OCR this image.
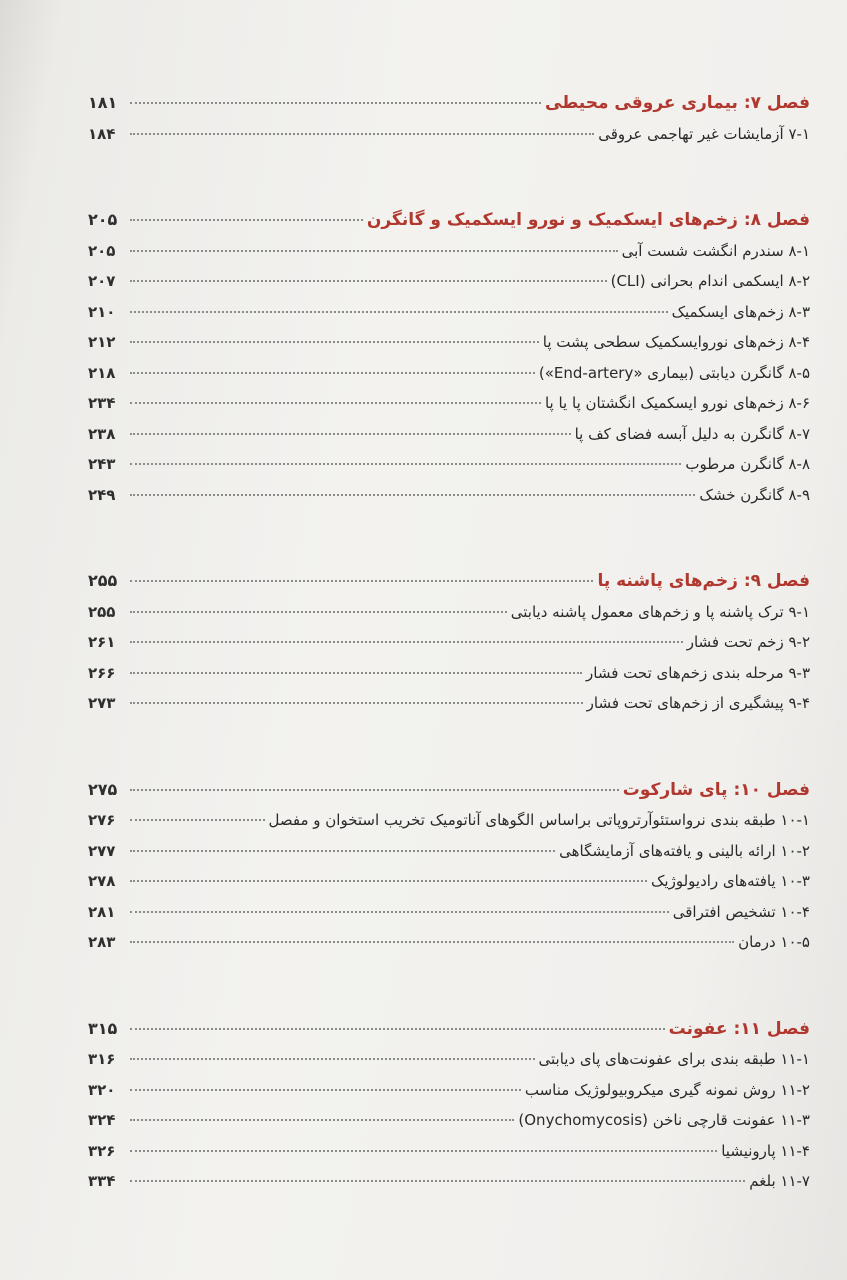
فصل ۷: بیماری عروقی محیطی
۱۸۱
۷-۱ آزمایشات غیر تهاجمی عروقی
۱۸۴
فصل ۸: زخم‌های ایسکمیک و نورو ایسکمیک و گانگرن
۲۰۵
۸-۱ سندرم انگشت شست آبی
۲۰۵
۸-۲ ایسکمی اندام بحرانی (CLI)
۲۰۷
۸-۳ زخم‌های ایسکمیک
۲۱۰
۸-۴ زخم‌های نوروایسکمیک سطحی پشت پا
۲۱۲
۸-۵ گانگرن دیابتی (بیماری «End-artery»)
۲۱۸
۸-۶ زخم‌های نورو ایسکمیک انگشتان پا یا پا
۲۳۴
۸-۷ گانگرن به دلیل آبسه فضای کف پا
۲۳۸
۸-۸ گانگرن مرطوب
۲۴۳
۸-۹ گانگرن خشک
۲۴۹
فصل ۹: زخم‌های پاشنه پا
۲۵۵
۹-۱ ترک پاشنه پا و زخم‌های معمول پاشنه دیابتی
۲۵۵
۹-۲ زخم تحت فشار
۲۶۱
۹-۳ مرحله بندی زخم‌های تحت فشار
۲۶۶
۹-۴ پیشگیری از زخم‌های تحت فشار
۲۷۳
فصل ۱۰: پای شارکوت
۲۷۵
۱۰-۱ طبقه بندی نرواستئوآرتروپاتی براساس الگوهای آناتومیک تخریب استخوان و مفصل
۲۷۶
۱۰-۲ ارائه بالینی و یافته‌های آزمایشگاهی
۲۷۷
۱۰-۳ یافته‌های رادیولوژیک
۲۷۸
۱۰-۴ تشخیص افتراقی
۲۸۱
۱۰-۵ درمان
۲۸۳
فصل ۱۱: عفونت
۳۱۵
۱۱-۱ طبقه بندی برای عفونت‌های پای دیابتی
۳۱۶
۱۱-۲ روش نمونه گیری میکروبیولوژیک مناسب
۳۲۰
۱۱-۳ عفونت قارچی ناخن (Onychomycosis)
۳۲۴
۱۱-۴ پارونیشیا
۳۲۶
۱۱-۷ بلغم
۳۳۴
